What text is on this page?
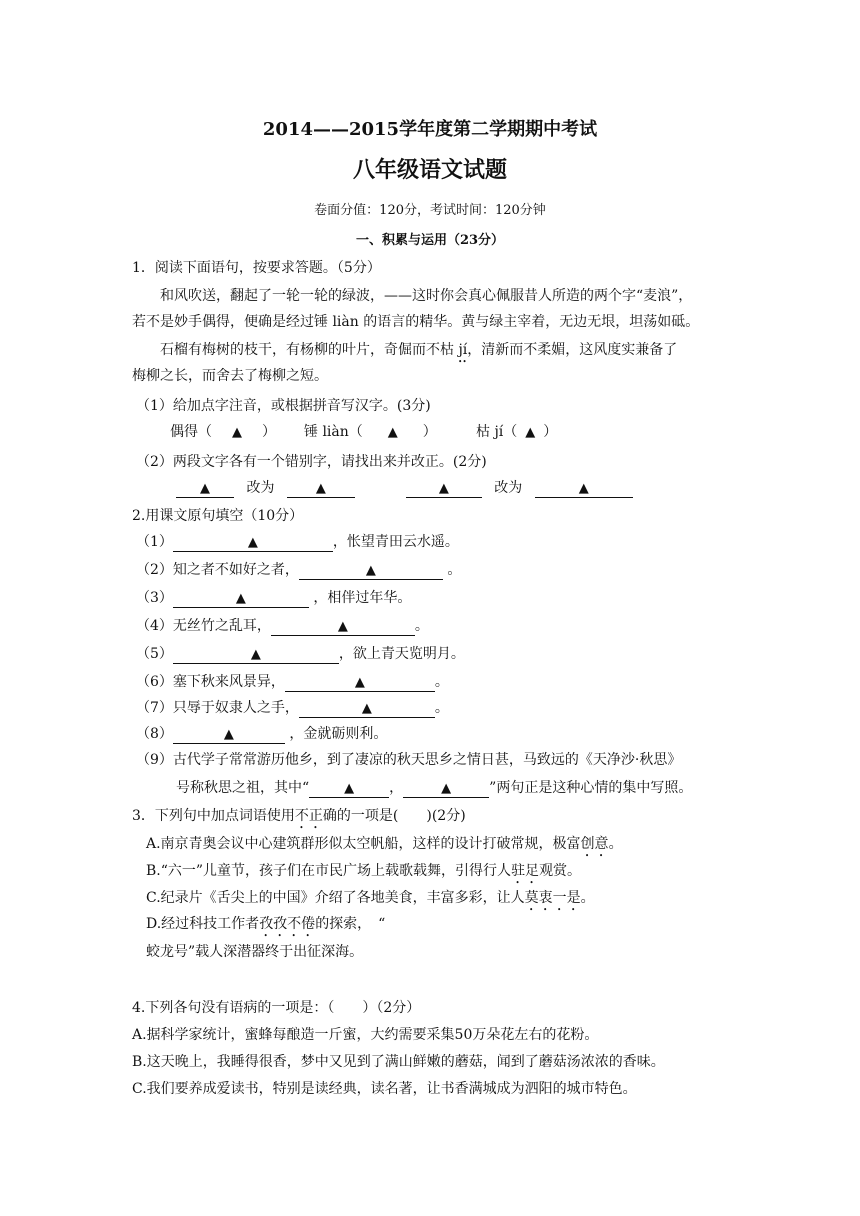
2014——2015学年度第二学期期中考试
八年级语文试题
卷面分值：120分，考试时间：120分钟
一、积累与运用（23分）
1．阅读下面语句，按要求答题。（5分）
和风吹送，翻起了一轮一轮的绿波，——这时你会真心佩服昔人所造的两个字“麦浪”，
若不是妙手偶得，便确是经过锤 liàn 的语言的精华。黄与绿主宰着，无边无垠，坦荡如砥。
石榴有梅树的枝干，有杨柳的叶片，奇倔而不枯 jí，清新而不柔媚，这风度实兼备了
梅柳之长，而舍去了梅柳之短。
（1）给加点字注音，或根据拼音写汉字。(3分)
偶得（ ▲ ） 锤 liàn（ ▲ ）	枯 jí（ ▲ ）
（2）两段文字各有一个错别字，请找出来并改正。(2分)
▲	改为	▲	▲	改为	▲
2.用课文原句填空（10分）
（1）	▲	，怅望青田云水遥。
（2）知之者不如好之者，	▲	。
（3）	▲	，相伴过年华。
（4）无丝竹之乱耳，	▲	。
（5）	▲	，欲上青天览明月。
（6）塞下秋来风景异，	▲	。
（7）只辱于奴隶人之手，	▲	。
（8）	▲	，金就砺则利。
（9）古代学子常常游历他乡，到了凄凉的秋天思乡之情日甚，马致远的《天净沙·秋思》
号称秋思之祖，其中“	▲	，	▲	”两句正是这种心情的集中写照。
3．下列句中加点词语使用不正确的一项是(　　)(2分)
A.南京青奥会议中心建筑群形似太空帆船，这样的设计打破常规，极富创意。
B.“六一”儿童节，孩子们在市民广场上载歌载舞，引得行人驻足观赏。
C.纪录片《舌尖上的中国》介绍了各地美食，丰富多彩，让人莫衷一是。
D.经过科技工作者孜孜不倦的探索，　“
蛟龙号”载人深潜器终于出征深海。
4.下列各句没有语病的一项是：（　　）（2分）
A.据科学家统计，蜜蜂每酿造一斤蜜，大约需要采集50万朵花左右的花粉。
B.这天晚上，我睡得很香，梦中又见到了满山鲜嫩的蘑菇，闻到了蘑菇汤浓浓的香味。
C.我们要养成爱读书，特别是读经典，读名著，让书香满城成为泗阳的城市特色。
